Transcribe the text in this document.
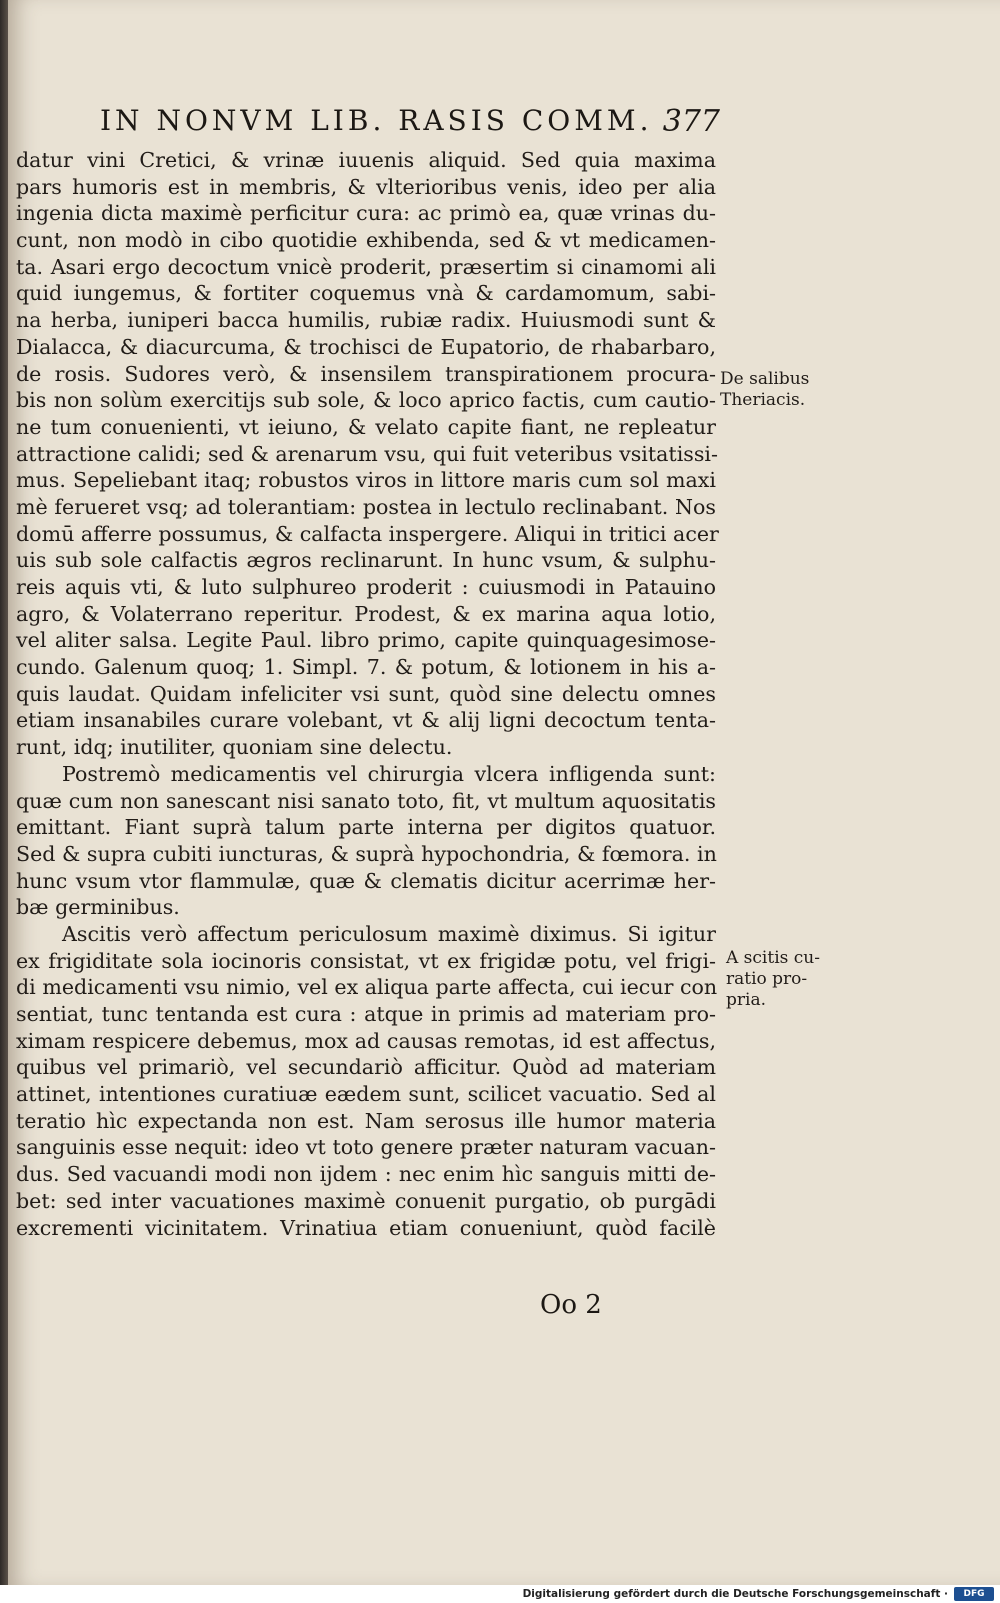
IN NONVM LIB. RASIS COMM. 377
datur vini Cretici, & vrinæ iuuenis aliquid. Sed quia maxima
pars humoris est in membris, & vlterioribus venis, ideo per alia
ingenia dicta maximè perficitur cura: ac primò ea, quæ vrinas du-
cunt, non modò in cibo quotidie exhibenda, sed & vt medicamen-
ta. Asari ergo decoctum vnicè proderit, præsertim si cinamomi ali
quid iungemus, & fortiter coquemus vnà & cardamomum, sabi-
na herba, iuniperi bacca humilis, rubiæ radix. Huiusmodi sunt &
Dialacca, & diacurcuma, & trochisci de Eupatorio, de rhabarbaro,
de rosis. Sudores verò, & insensilem transpirationem procura-
bis non solùm exercitijs sub sole, & loco aprico factis, cum cautio-
ne tum conuenienti, vt ieiuno, & velato capite fiant, ne repleatur
attractione calidi; sed & arenarum vsu, qui fuit veteribus vsitatissi-
mus. Sepeliebant itaq; robustos viros in littore maris cum sol maxi
mè ferueret vsq; ad tolerantiam: postea in lectulo reclinabant. Nos
domū afferre possumus, & calfacta inspergere. Aliqui in tritici acer
uis sub sole calfactis ægros reclinarunt. In hunc vsum, & sulphu-
reis aquis vti, & luto sulphureo proderit : cuiusmodi in Patauino
agro, & Volaterrano reperitur. Prodest, & ex marina aqua lotio,
vel aliter salsa. Legite Paul. libro primo, capite quinquagesimose-
cundo. Galenum quoq; 1. Simpl. 7. & potum, & lotionem in his a-
quis laudat. Quidam infeliciter vsi sunt, quòd sine delectu omnes
etiam insanabiles curare volebant, vt & alij ligni decoctum tenta-
runt, idq; inutiliter, quoniam sine delectu.
Postremò medicamentis vel chirurgia vlcera infligenda sunt:
quæ cum non sanescant nisi sanato toto, fit, vt multum aquositatis
emittant. Fiant suprà talum parte interna per digitos quatuor.
Sed & supra cubiti iuncturas, & suprà hypochondria, & fœmora. in
hunc vsum vtor flammulæ, quæ & clematis dicitur acerrimæ her-
bæ germinibus.
Ascitis verò affectum periculosum maximè diximus. Si igitur
ex frigiditate sola iocinoris consistat, vt ex frigidæ potu, vel frigi-
di medicamenti vsu nimio, vel ex aliqua parte affecta, cui iecur con
sentiat, tunc tentanda est cura : atque in primis ad materiam pro-
ximam respicere debemus, mox ad causas remotas, id est affectus,
quibus vel primariò, vel secundariò afficitur. Quòd ad materiam
attinet, intentiones curatiuæ eædem sunt, scilicet vacuatio. Sed al
teratio hìc expectanda non est. Nam serosus ille humor materia
sanguinis esse nequit: ideo vt toto genere præter naturam vacuan-
dus. Sed vacuandi modi non ijdem : nec enim hìc sanguis mitti de-
bet: sed inter vacuationes maximè conuenit purgatio, ob purgādi
excrementi vicinitatem. Vrinatiua etiam conueniunt, quòd facilè
De salibus
Theriacis.
A scitis cu-
ratio pro-
pria.
Oo 2
Digitalisierung gefördert durch die Deutsche Forschungsgemeinschaft ·	DFG
